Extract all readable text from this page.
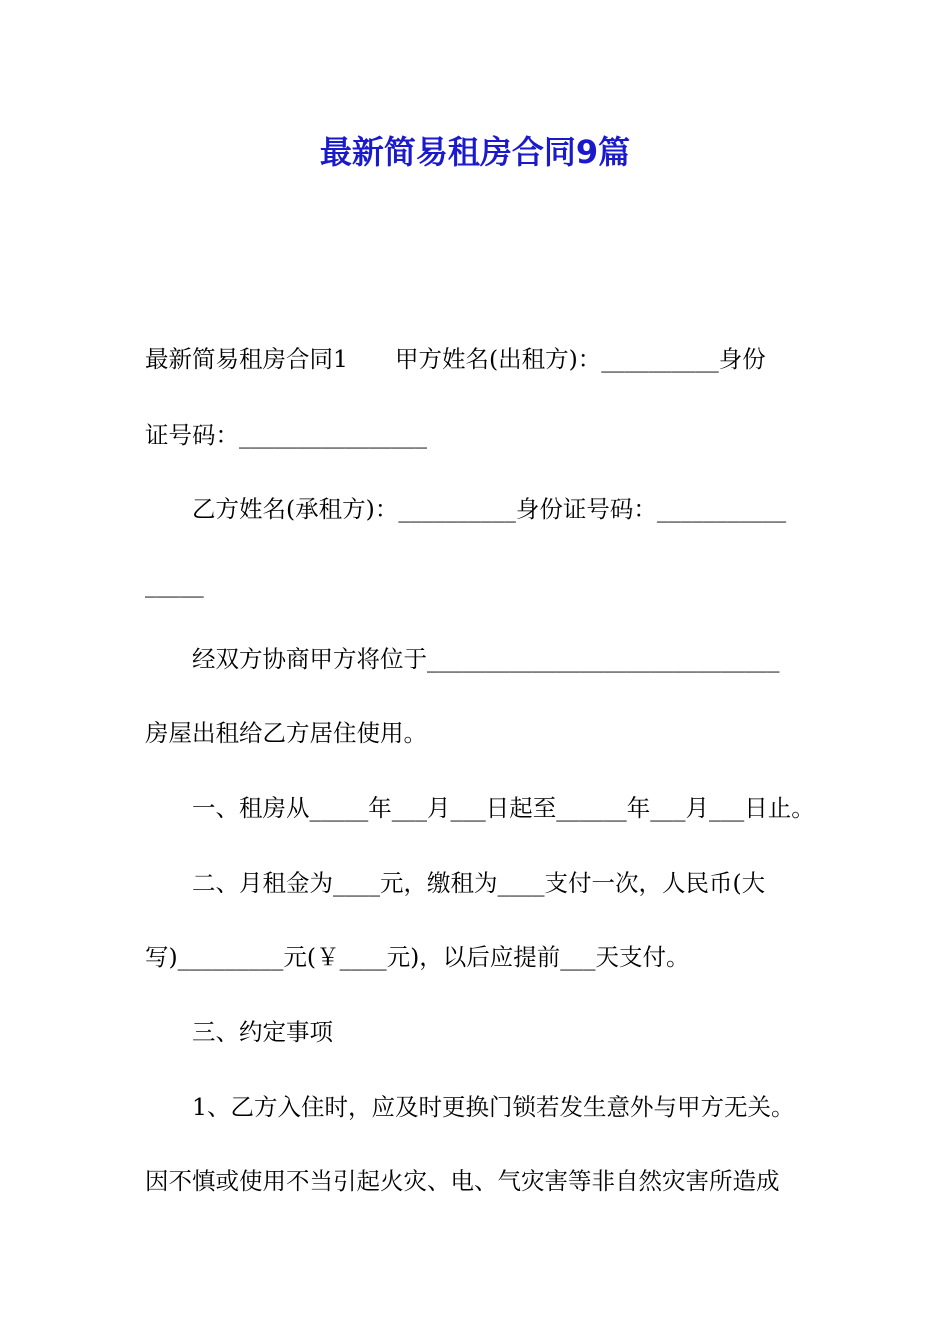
最新简易租房合同9篇
最新简易租房合同1　　甲方姓名(出租方)：__________身份
证号码：________________
乙方姓名(承租方)：__________身份证号码：___________
_____
经双方协商甲方将位于______________________________
房屋出租给乙方居住使用。
一、租房从_____年___月___日起至______年___月___日止。
二、月租金为____元，缴租为____支付一次，人民币(大
写)_________元(￥____元)，以后应提前___天支付。
三、约定事项
1、乙方入住时，应及时更换门锁若发生意外与甲方无关。
因不慎或使用不当引起火灾、电、气灾害等非自然灾害所造成
